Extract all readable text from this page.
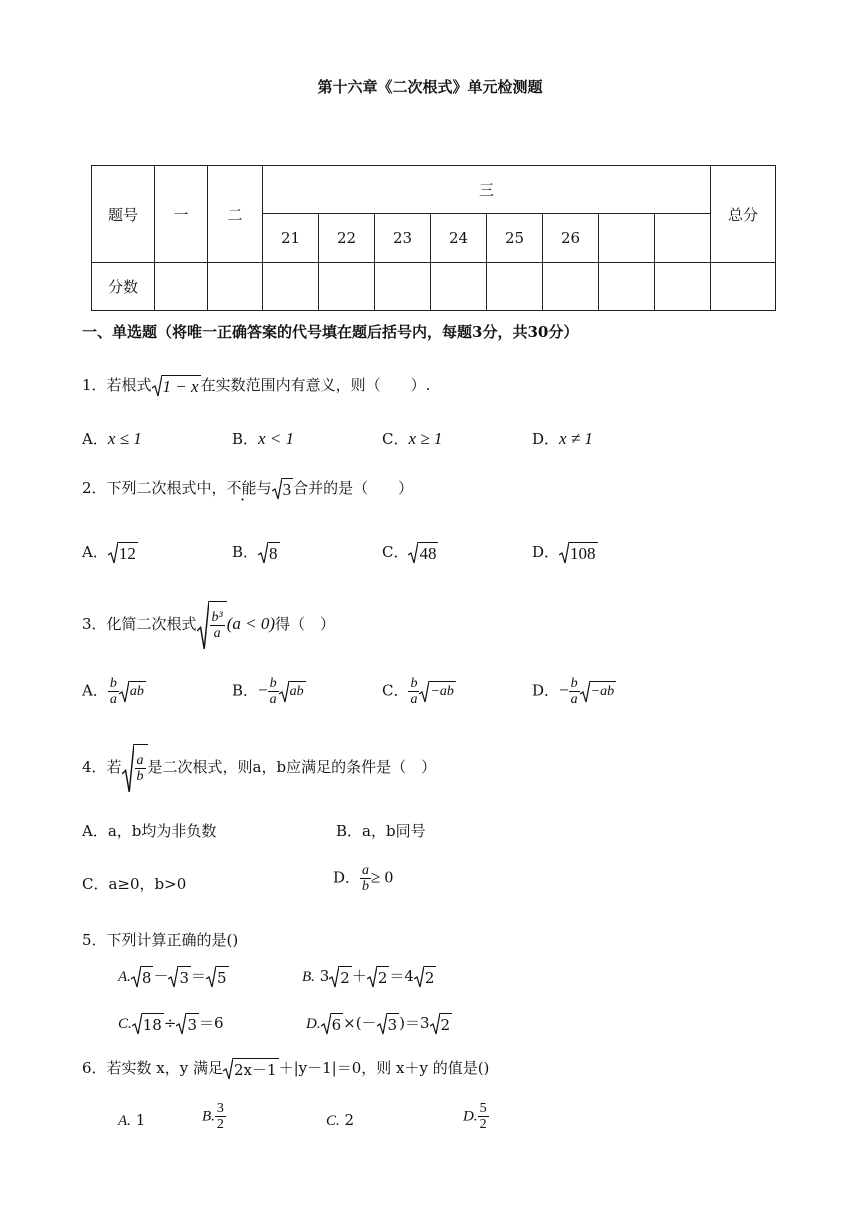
第十六章《二次根式》单元检测题
题号	一	二	三								总分
			21	22	23	24	25	26			
分数											
一、单选题（将唯一正确答案的代号填在题后括号内，每题3分，共30分）
1．若根式 1 − x 在实数范围内有意义，则（　　）.
A．x ≤ 1	B．x < 1	C．x ≥ 1	D．x ≠ 1
2．下列二次根式中，不能与 3 合并的是（　　）
A． 12	B． 8	C． 48	D． 108
3．化简二次根式 $\frac{\text{b³}}{a} (a < 0)$得（　）
A． $\frac{b}{a}$ ab	B．− $\frac{b}{a}$ ab	C． $\frac{b}{a} -ab$	D．− $\frac{b}{a} -ab$
4．若 $\frac{a}{b}$ 是二次根式，则a，b应满足的条件是（　）
A．a，b均为非负数	B．a，b同号
C．a≥0，b>0	D． $\frac{a}{b} \ge 0$
5．下列计算正确的是()
A. 8 － 3 ＝ 5	B. 3 2 ＋ 2 ＝4 2
C. 18 ÷ 3 ＝6	D. 6 ×(－ 3 )＝3 2
6．若实数 x，y 满足 2x－1 ＋|y－1|＝0，则 x＋y 的值是()
A. 1	B. $\frac{3}{2}$	C. 2	D. $\frac{5}{2}$
